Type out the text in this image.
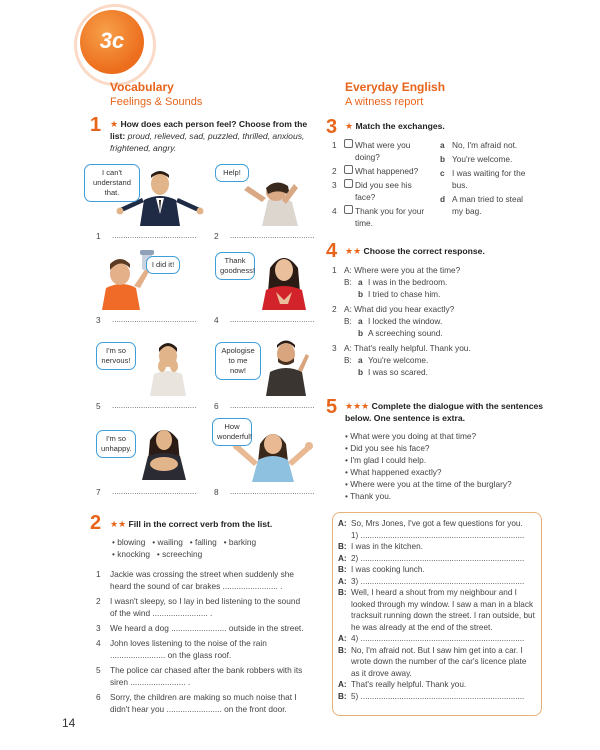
3c
Vocabulary
Feelings & Sounds
Everyday English
A witness report
1 ★ How does each person feel? Choose from the list: proud, relieved, sad, puzzled, thrilled, anxious, frightened, angry.
I can't understand that.
1 ......................................
Help!
2 ......................................
I did it!
3 ......................................
Thank goodness!
4 ......................................
I'm so nervous!
5 ......................................
Apologise to me now!
6 ......................................
I'm so unhappy.
7 ......................................
How wonderful!
8 ......................................
2 ★★ Fill in the correct verb from the list.
• blowing   • wailing   • falling   • barking
• knocking   • screeching
1	Jackie was crossing the street when suddenly she
heard the sound of car brakes ........................ .
2	I wasn't sleepy, so I lay in bed listening to the sound
of the wind ........................ .
3	We heard a dog ........................ outside in the street.
4	John loves listening to the noise of the rain
........................ on the glass roof.
5	The police car chased after the bank robbers with its
siren ........................ .
6	Sorry, the children are making so much noise that I
didn't hear you ........................ on the front door.
3 ★ Match the exchanges.
1	What were you
doing?
2	What happened?
3	Did you see his
face?
4	Thank you for your
time.
a No, I'm afraid not.
b You're welcome.
c I was waiting for the
bus.
d A man tried to steal
my bag.
4 ★★ Choose the correct response.
1 A: Where were you at the time?
B: a I was in the bedroom.
b I tried to chase him.
2 A: What did you hear exactly?
B: a I locked the window.
b A screeching sound.
3 A: That's really helpful. Thank you.
B: a You're welcome.
b I was so scared.
5 ★★★ Complete the dialogue with the sentences
below. One sentence is extra.
• What were you doing at that time?
• Did you see his face?
• I'm glad I could help.
• What happened exactly?
• Where were you at the time of the burglary?
• Thank you.
A: So, Mrs Jones, I've got a few questions for you.
1) ........................................................................
B: I was in the kitchen.
A: 2) ........................................................................
B: I was cooking lunch.
A: 3) ........................................................................
B: Well, I heard a shout from my neighbour and I
looked through my window. I saw a man in a black
tracksuit running down the street. I ran outside, but
he was already at the end of the street.
A: 4) ........................................................................
B: No, I'm afraid not. But I saw him get into a car. I
wrote down the number of the car's licence plate
as it drove away.
A: That's really helpful. Thank you.
B: 5) ........................................................................
14
